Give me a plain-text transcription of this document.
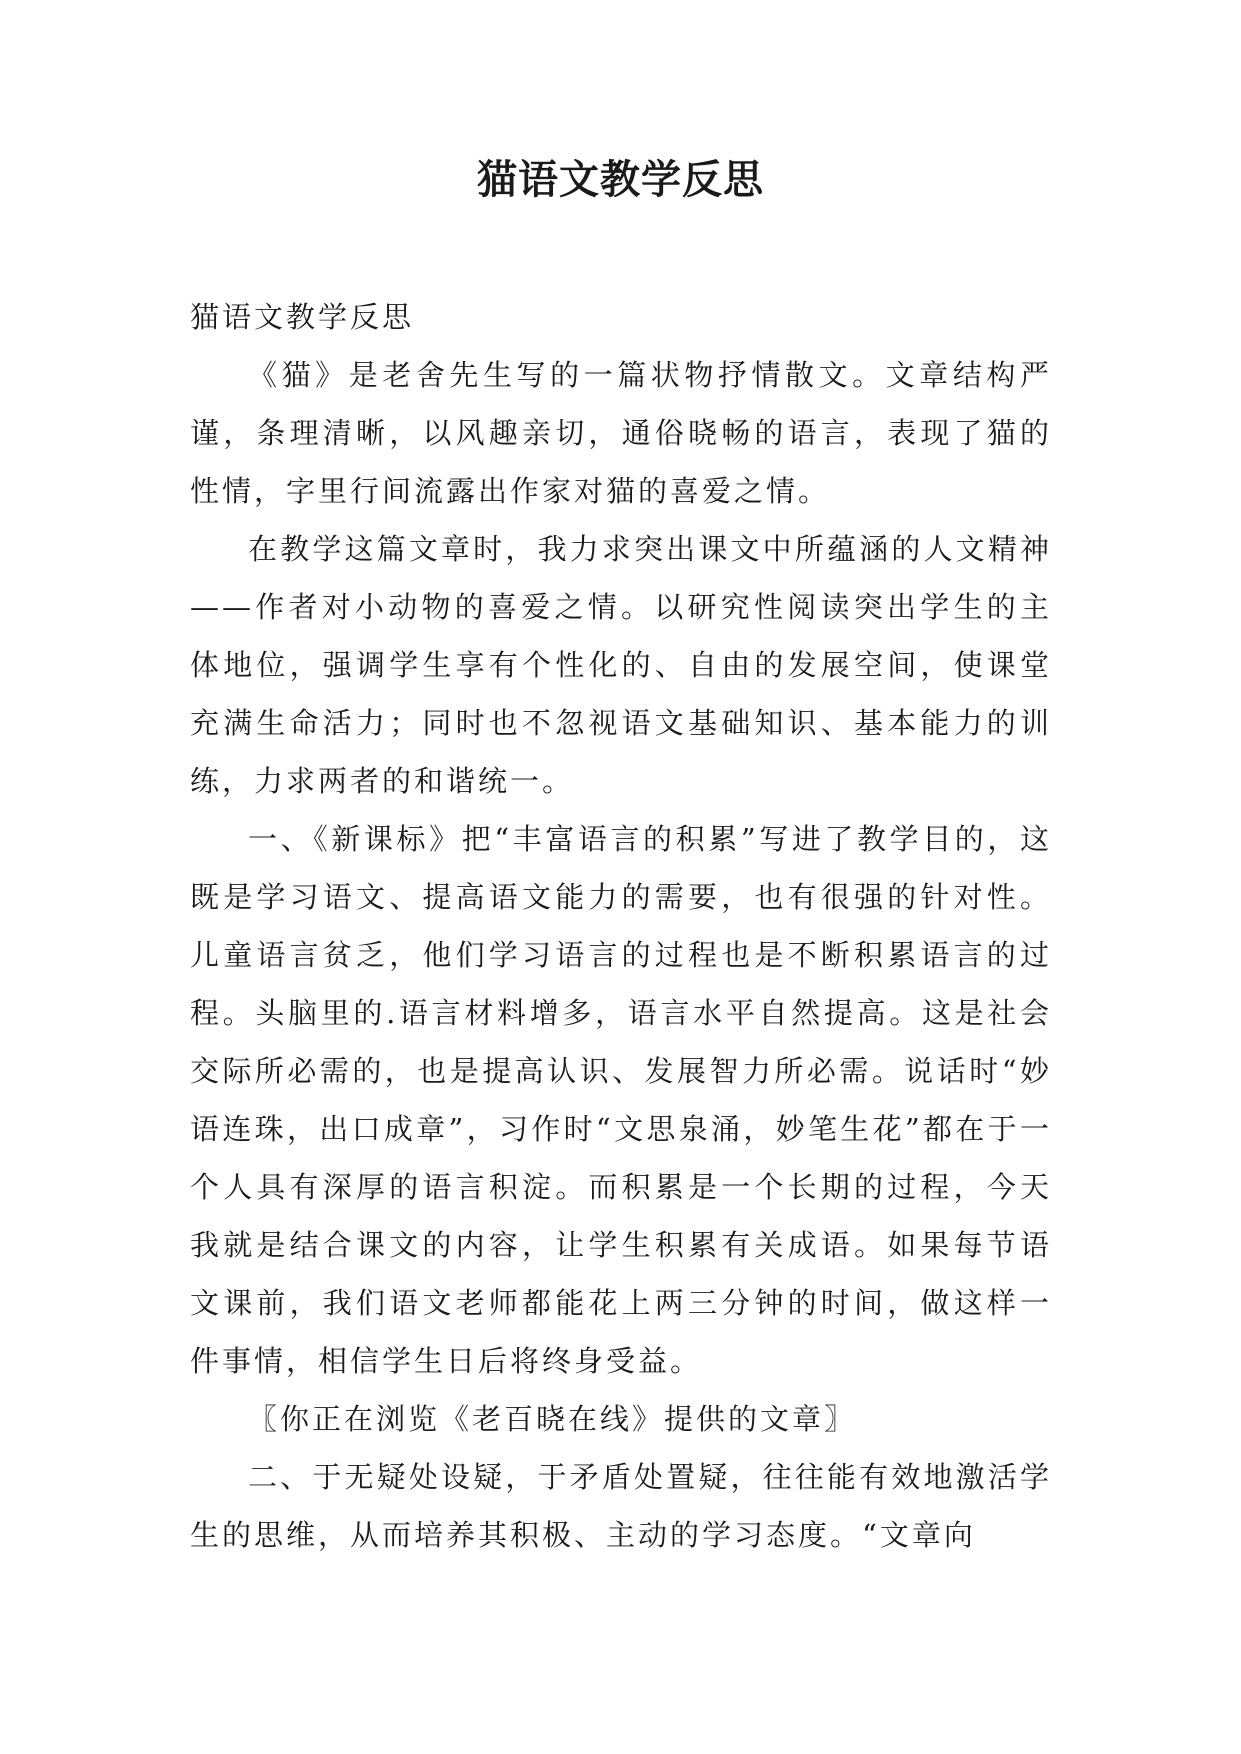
猫语文教学反思

猫语文教学反思

《猫》是老舍先生写的一篇状物抒情散文。文章结构严谨，条理清晰，以风趣亲切，通俗晓畅的语言，表现了猫的性情，字里行间流露出作家对猫的喜爱之情。

在教学这篇文章时，我力求突出课文中所蕴涵的人文精神——作者对小动物的喜爱之情。以研究性阅读突出学生的主体地位，强调学生享有个性化的、自由的发展空间，使课堂充满生命活力；同时也不忽视语文基础知识、基本能力的训练，力求两者的和谐统一。

一、《新课标》把“丰富语言的积累”写进了教学目的，这既是学习语文、提高语文能力的需要，也有很强的针对性。儿童语言贫乏，他们学习语言的过程也是不断积累语言的过程。头脑里的.语言材料增多，语言水平自然提高。这是社会交际所必需的，也是提高认识、发展智力所必需。说话时“妙语连珠，出口成章”，习作时“文思泉涌，妙笔生花”都在于一个人具有深厚的语言积淀。而积累是一个长期的过程，今天我就是结合课文的内容，让学生积累有关成语。如果每节语文课前，我们语文老师都能花上两三分钟的时间，做这样一件事情，相信学生日后将终身受益。

〖你正在浏览《老百晓在线》提供的文章〗

二、于无疑处设疑，于矛盾处置疑，往往能有效地激活学生的思维，从而培养其积极、主动的学习态度。“文章向
